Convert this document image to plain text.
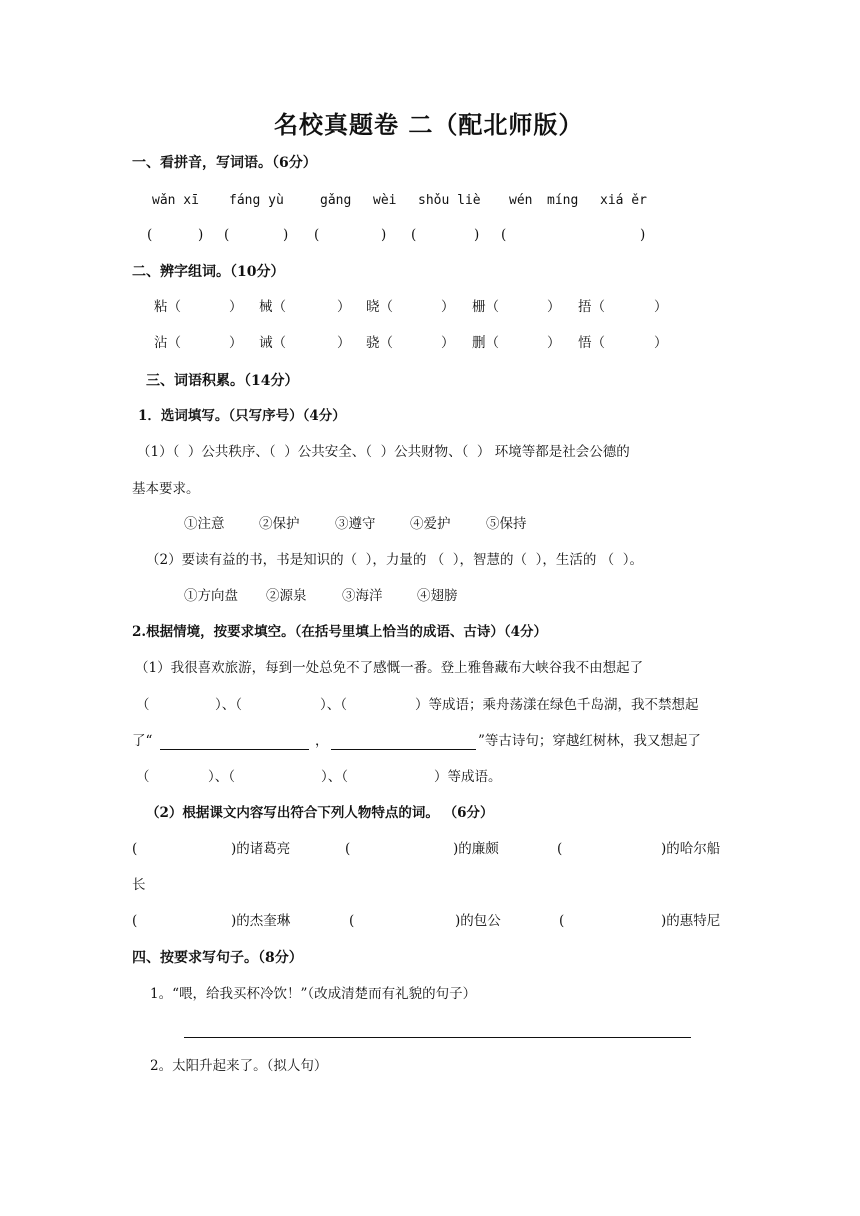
名校真题卷 二（配北师版）
一、看拼音，写词语。（6分）
wǎn xī fáng yù	gǎng wèi shǒu liè wén míng xiá ěr
(	) (	) (	) (	) (	)
二、辨字组词。（10分）
粘（	） 械（	） 晓（	） 栅（	） 捂（	）
沾（	） 诫（	） 骁（	） 删（	） 悟（	）
三、词语积累。（14分）
1．选词填写。（只写序号）（4分）
（1）（  ）公共秩序、（  ）公共安全、（  ）公共财物、（  ） 环境等都是社会公德的
基本要求。
①注意	②保护	③遵守	④爱护	⑤保持
（2）要读有益的书，书是知识的（  ），力量的 （  ），智慧的（  ），生活的 （  ）。
①方向盘 ②源泉	③海洋	④翅膀
2.根据情境，按要求填空。（在括号里填上恰当的成语、古诗）（4分）
（1）我很喜欢旅游，每到一处总免不了感慨一番。登上雅鲁藏布大峡谷我不由想起了
（	）、（	）、（	）等成语；乘舟荡漾在绿色千岛湖，我不禁想起
了“	，	”等古诗句；穿越红树林，我又想起了
（	）、（	）、（	）等成语。
（2）根据课文内容写出符合下列人物特点的词。 （6分）
(	)的诸葛亮	(	)的廉颇	(	)的哈尔船
长
(	)的杰奎琳	(	)的包公	(	)的惠特尼
四、按要求写句子。（8分）
1。“喂，给我买杯冷饮！”（改成清楚而有礼貌的句子）
2。太阳升起来了。（拟人句）
